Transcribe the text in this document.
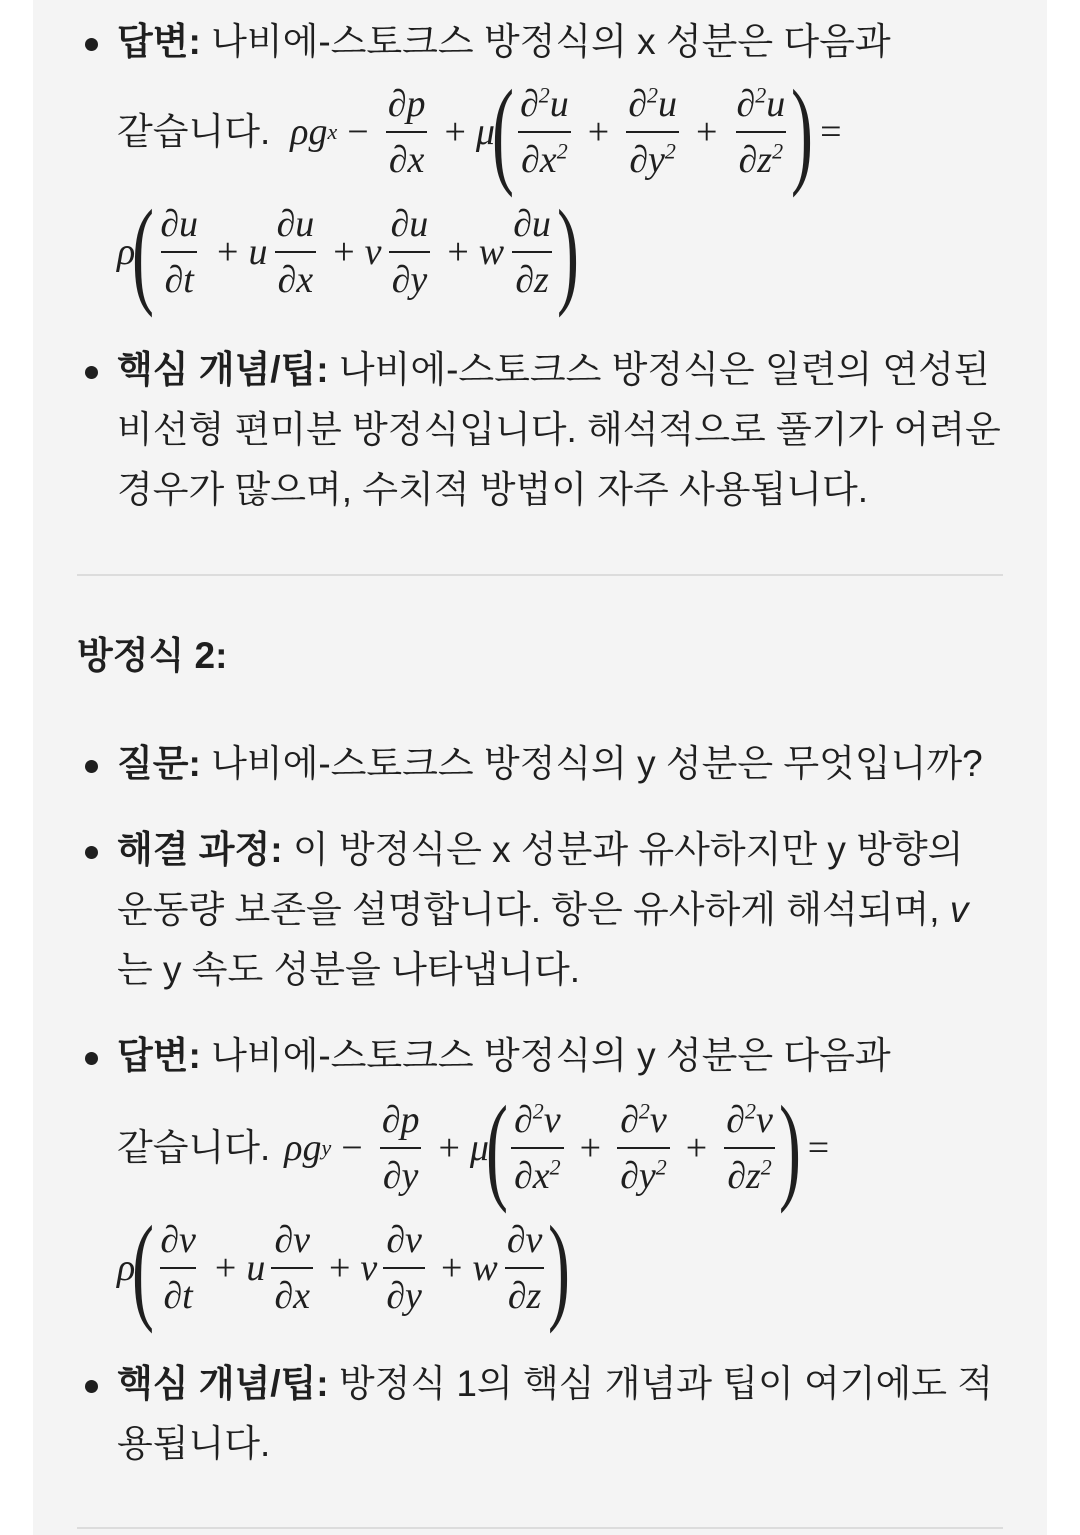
답변: 나비에-스토크스 방정식의 x 성분은 다음과
같습니다. ρ g $x - \frac{\partial p}{\partial x} + \mu$
( $\frac{\partial^2u}{\partial x^2} + \frac{\partial^2u}{\partial y^2} + \frac{\partial^2u}{\partial z^2}$ ) =
ρ
( $\frac{\partial u}{\partial t} + u \frac{\partial u}{\partial x} + v \frac{\partial u}{\partial y} + w \frac{\partial u}{\partial z}$ )
핵심 개념/팁: 나비에-스토크스 방정식은 일련의 연성된 비선형 편미분 방정식입니다. 해석적으로 풀기가 어려운 경우가 많으며, 수치적 방법이 자주 사용됩니다.
방정식 2:
질문: 나비에-스토크스 방정식의 y 성분은 무엇입니까?
해결 과정: 이 방정식은 x 성분과 유사하지만 y 방향의 운동량 보존을 설명합니다. 항은 유사하게 해석되며, v는 y 속도 성분을 나타냅니다.
답변: 나비에-스토크스 방정식의 y 성분은 다음과
같습니다. ρ g $y - \frac{\partial p}{\partial y} + \mu$
( $\frac{\partial^2v}{\partial x^2} + \frac{\partial^2v}{\partial y^2} + \frac{\partial^2v}{\partial z^2}$ ) =
ρ
( $\frac{\partial v}{\partial t} + u \frac{\partial v}{\partial x} + v \frac{\partial v}{\partial y} + w \frac{\partial v}{\partial z}$ )
핵심 개념/팁: 방정식 1의 핵심 개념과 팁이 여기에도 적용됩니다.
